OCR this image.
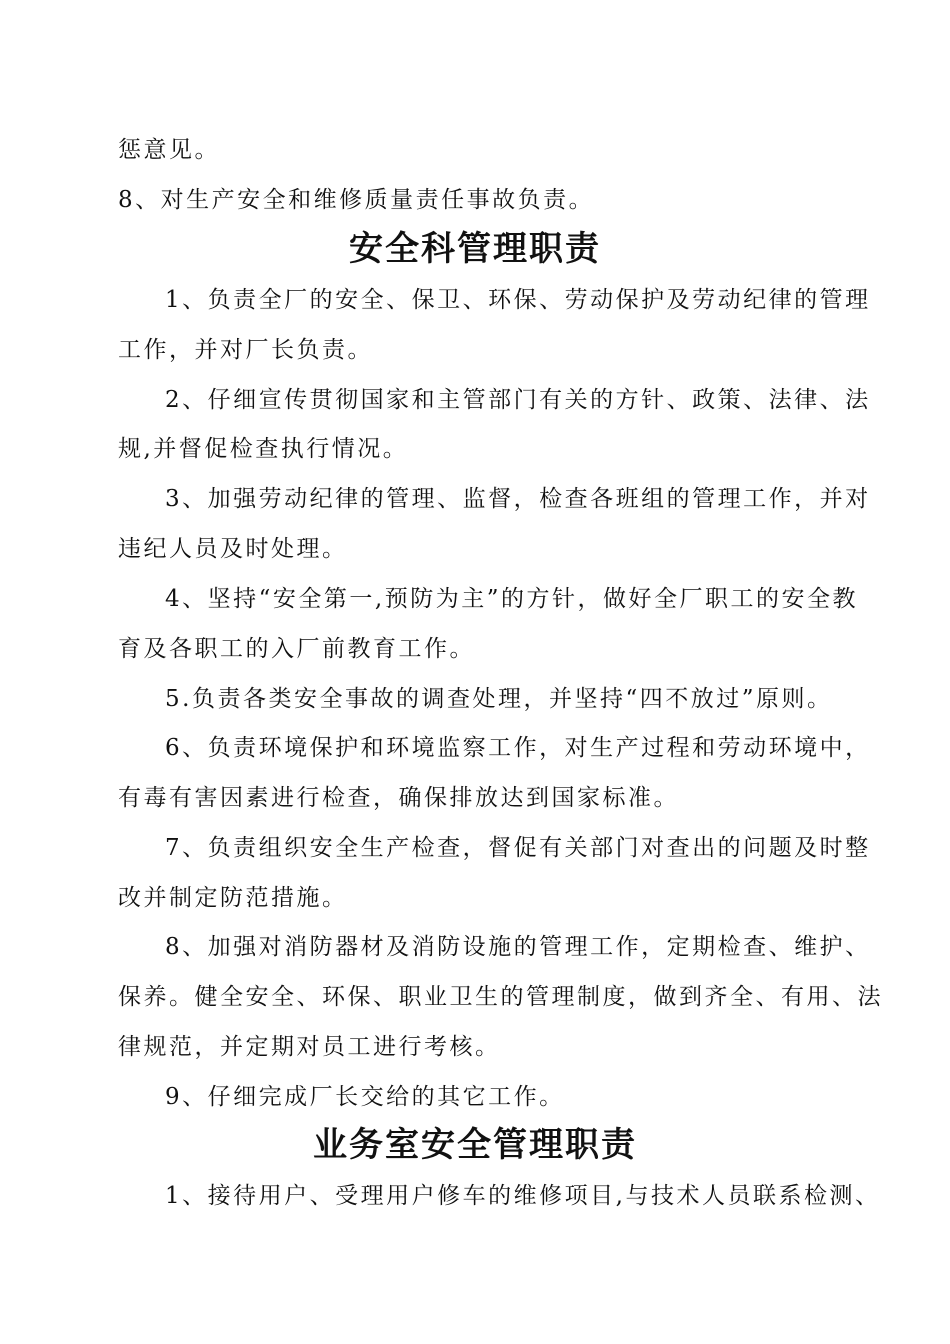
惩意见。
8、对生产安全和维修质量责任事故负责。
安全科管理职责
1、负责全厂的安全、保卫、环保、劳动保护及劳动纪律的管理
工作，并对厂长负责。
2、仔细宣传贯彻国家和主管部门有关的方针、政策、法律、法
规,并督促检查执行情况。
3、加强劳动纪律的管理、监督，检查各班组的管理工作，并对
违纪人员及时处理。
4、坚持“安全第一,预防为主”的方针，做好全厂职工的安全教
育及各职工的入厂前教育工作。
5.负责各类安全事故的调查处理，并坚持“四不放过”原则。
6、负责环境保护和环境监察工作，对生产过程和劳动环境中，
有毒有害因素进行检查，确保排放达到国家标准。
7、负责组织安全生产检查，督促有关部门对查出的问题及时整
改并制定防范措施。
8、加强对消防器材及消防设施的管理工作，定期检查、维护、
保养。健全安全、环保、职业卫生的管理制度，做到齐全、有用、法
律规范，并定期对员工进行考核。
9、仔细完成厂长交给的其它工作。
业务室安全管理职责
1、接待用户、受理用户修车的维修项目,与技术人员联系检测、
